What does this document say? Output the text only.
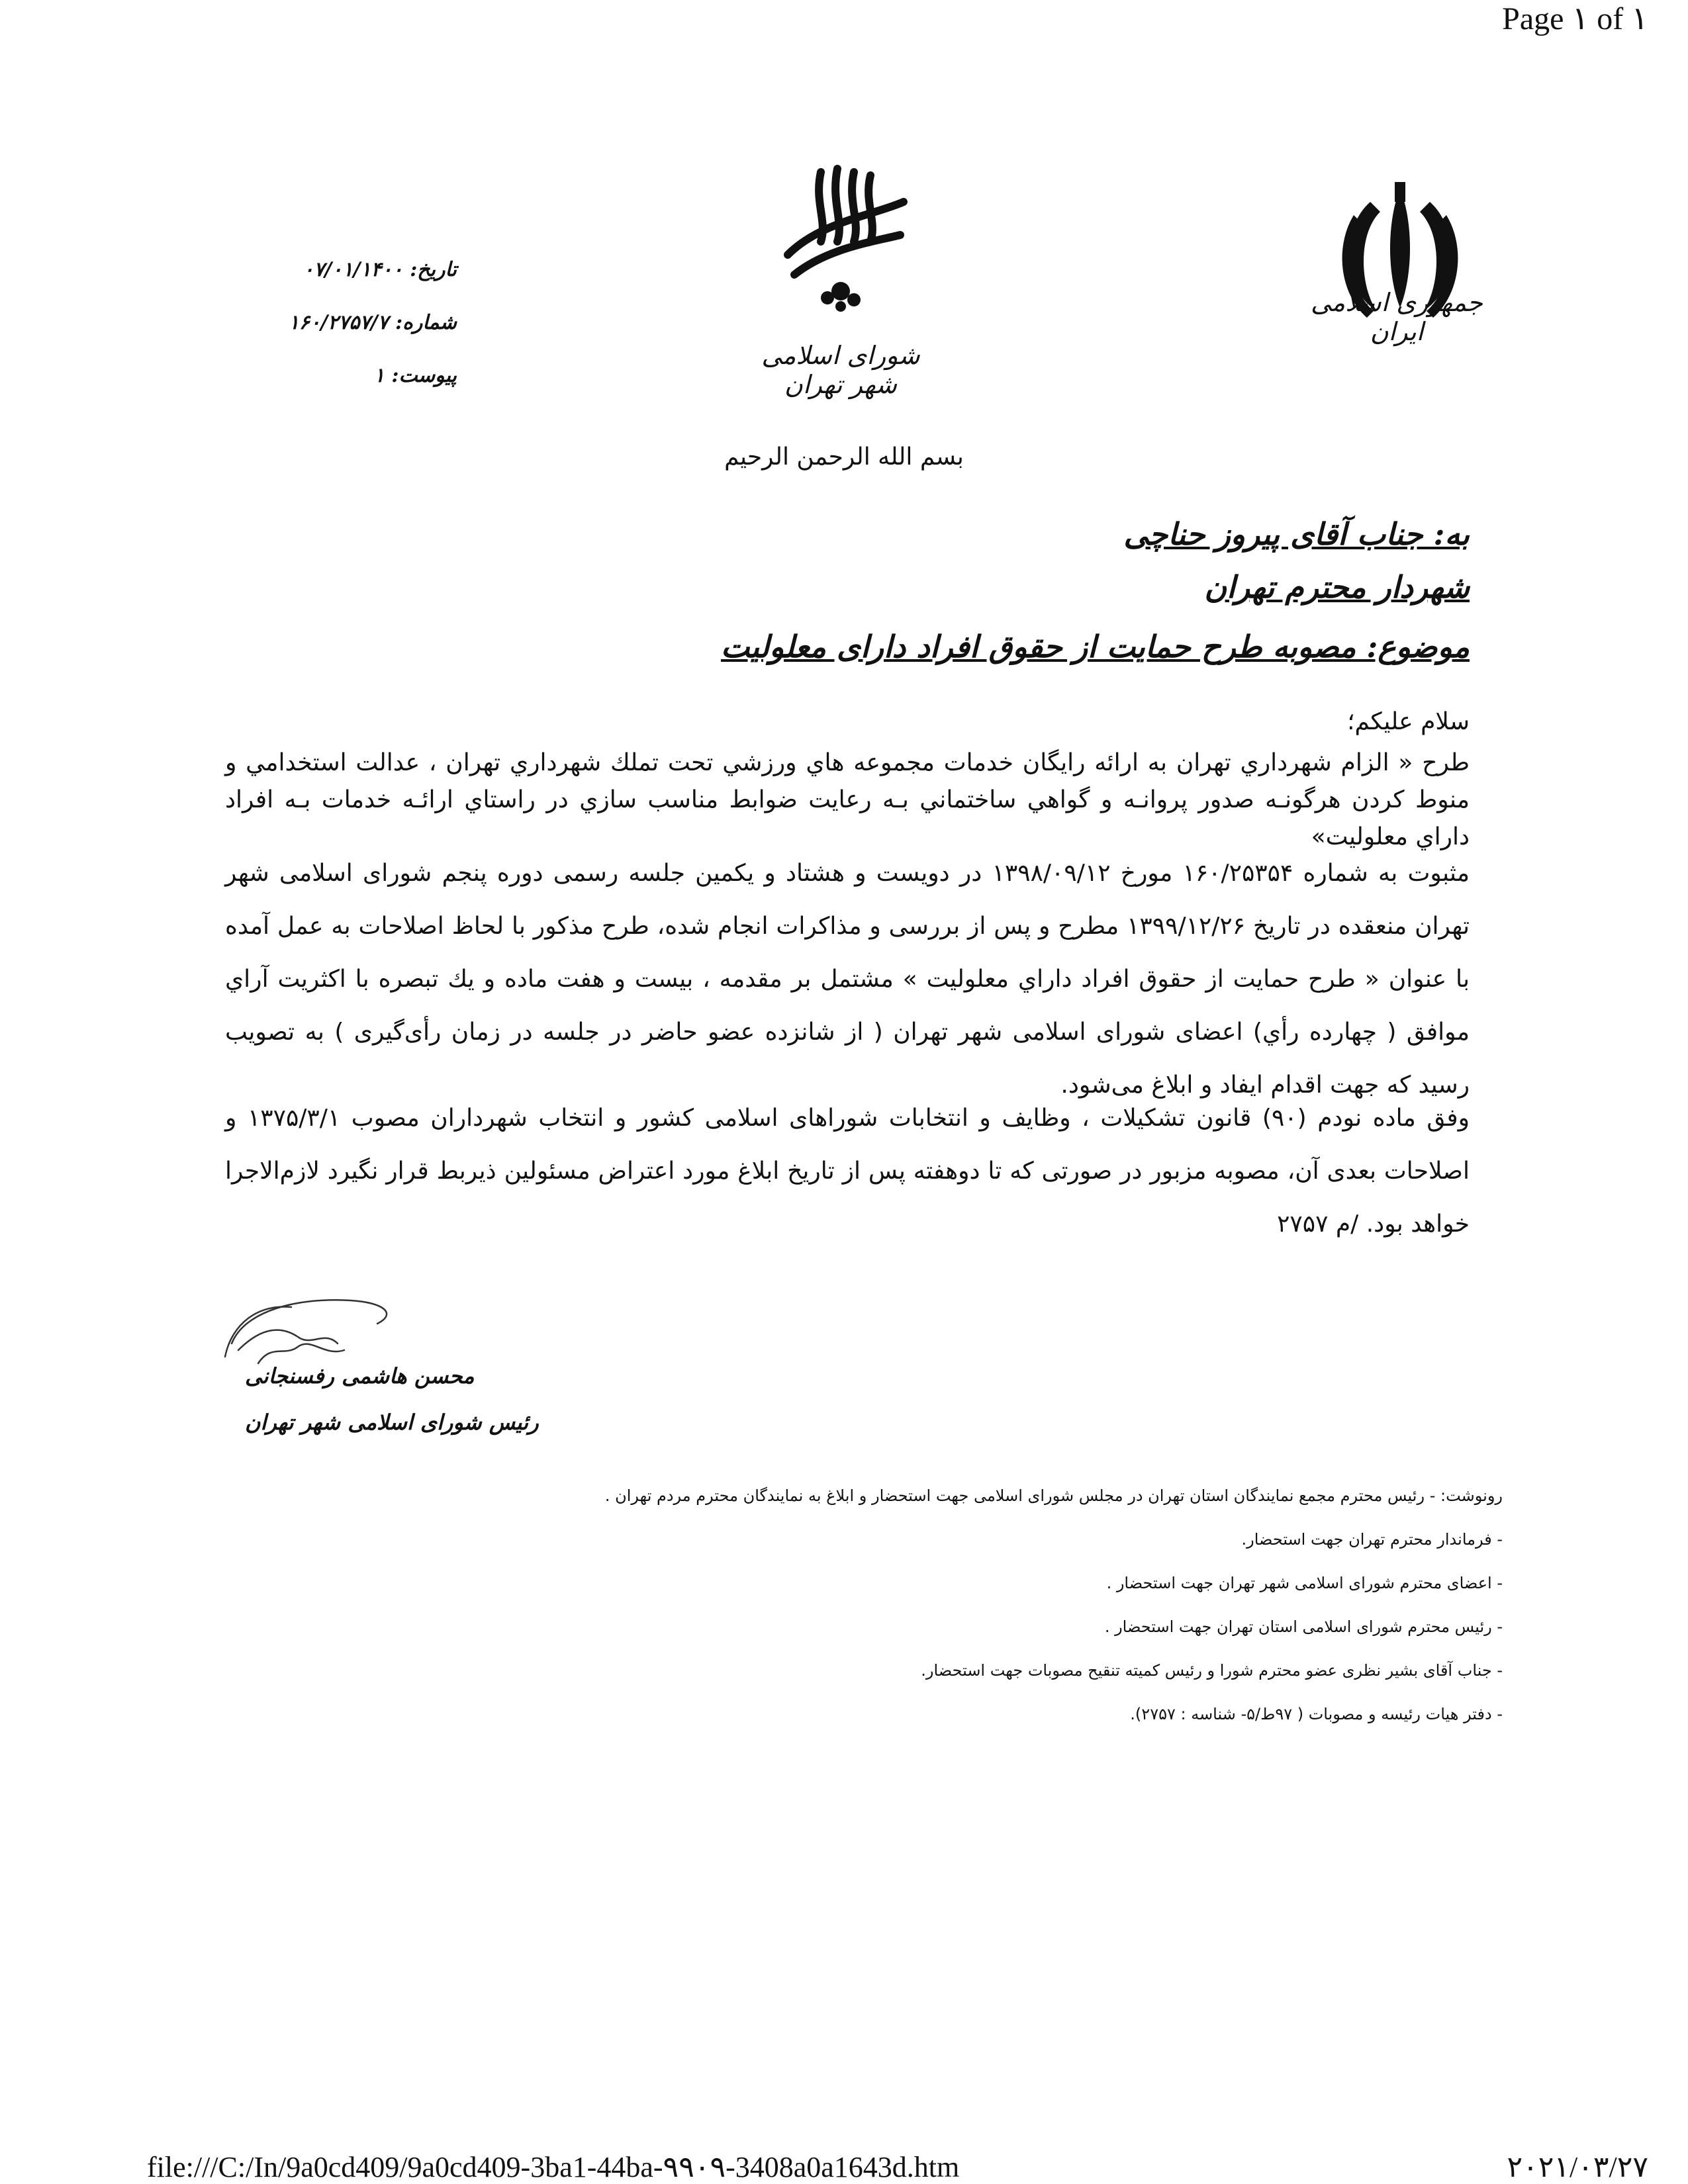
Page ۱ of ۱
جمهوری اسلامی ایران
شورای اسلامی شهر تهران
تاریخ: ۰۷/۰۱/۱۴۰۰
شماره: ۱۶۰/۲۷۵۷/۷
پیوست: ۱
بسم الله الرحمن الرحیم
به: جناب آقای پیروز حناچی
شهردار محترم تهران
موضوع: مصوبه طرح حمایت از حقوق افراد دارای معلولیت
سلام علیکم؛
طرح « الزام شهرداري تهران به ارائه رايگان خدمات مجموعه هاي ورزشي تحت تملك شهرداري تهران ، عدالت استخدامي و منوط كردن هرگونـه صدور پروانـه و گواهي ساختماني بـه رعايت ضوابط مناسب سازي در راستاي ارائـه خدمات بـه افراد داراي معلوليت»
مثبوت به شماره ۱۶۰/۲۵۳۵۴ مورخ ۱۳۹۸/۰۹/۱۲ در دویست و هشتاد و یکمین جلسه رسمی دوره پنجم شورای اسلامی شهر تهران منعقده در تاریخ ۱۳۹۹/۱۲/۲۶ مطرح و پس از بررسی و مذاکرات انجام شده، طرح مذکور با لحاظ اصلاحات به عمل آمده با عنوان « طرح حمايت از حقوق افراد داراي معلوليت » مشتمل بر مقدمه ، بیست و هفت ماده و یك تبصره با اكثريت آراي موافق ( چهارده رأي) اعضای شورای اسلامی شهر تهران ( از شانزده عضو حاضر در جلسه در زمان رأی‌گیری ) به تصویب رسید که جهت اقدام ایفاد و ابلاغ می‌شود.
وفق ماده نودم (۹۰) قانون تشکیلات ، وظایف و انتخابات شوراهای اسلامی کشور و انتخاب شهرداران مصوب ۱۳۷۵/۳/۱ و اصلاحات بعدی آن، مصوبه مزبور در صورتی که تا دوهفته پس از تاریخ ابلاغ مورد اعتراض مسئولین ذیربط قرار نگیرد لازم‌الاجرا خواهد بود. /م ۲۷۵۷
محسن هاشمی رفسنجانی
رئیس شورای اسلامی شهر تهران
رونوشت: - رئیس محترم مجمع نمایندگان استان تهران در مجلس شورای اسلامی جهت استحضار و ابلاغ به نمایندگان محترم مردم تهران .
- فرماندار محترم تهران جهت استحضار.
- اعضای محترم شورای اسلامی شهر تهران جهت استحضار .
- رئیس محترم شورای اسلامی استان تهران جهت استحضار .
- جناب آقای بشیر نظری عضو محترم شورا و رئیس کمیته تنقیح مصوبات جهت استحضار.
- دفتر هیات رئیسه و مصوبات ( ۹۷ط/۵- شناسه : ۲۷۵۷).
file:///C:/In/9a0cd409/9a0cd409-3ba1-44ba-۹۹۰۹-3408a0a1643d.htm	۲۰۲۱/۰۳/۲۷
